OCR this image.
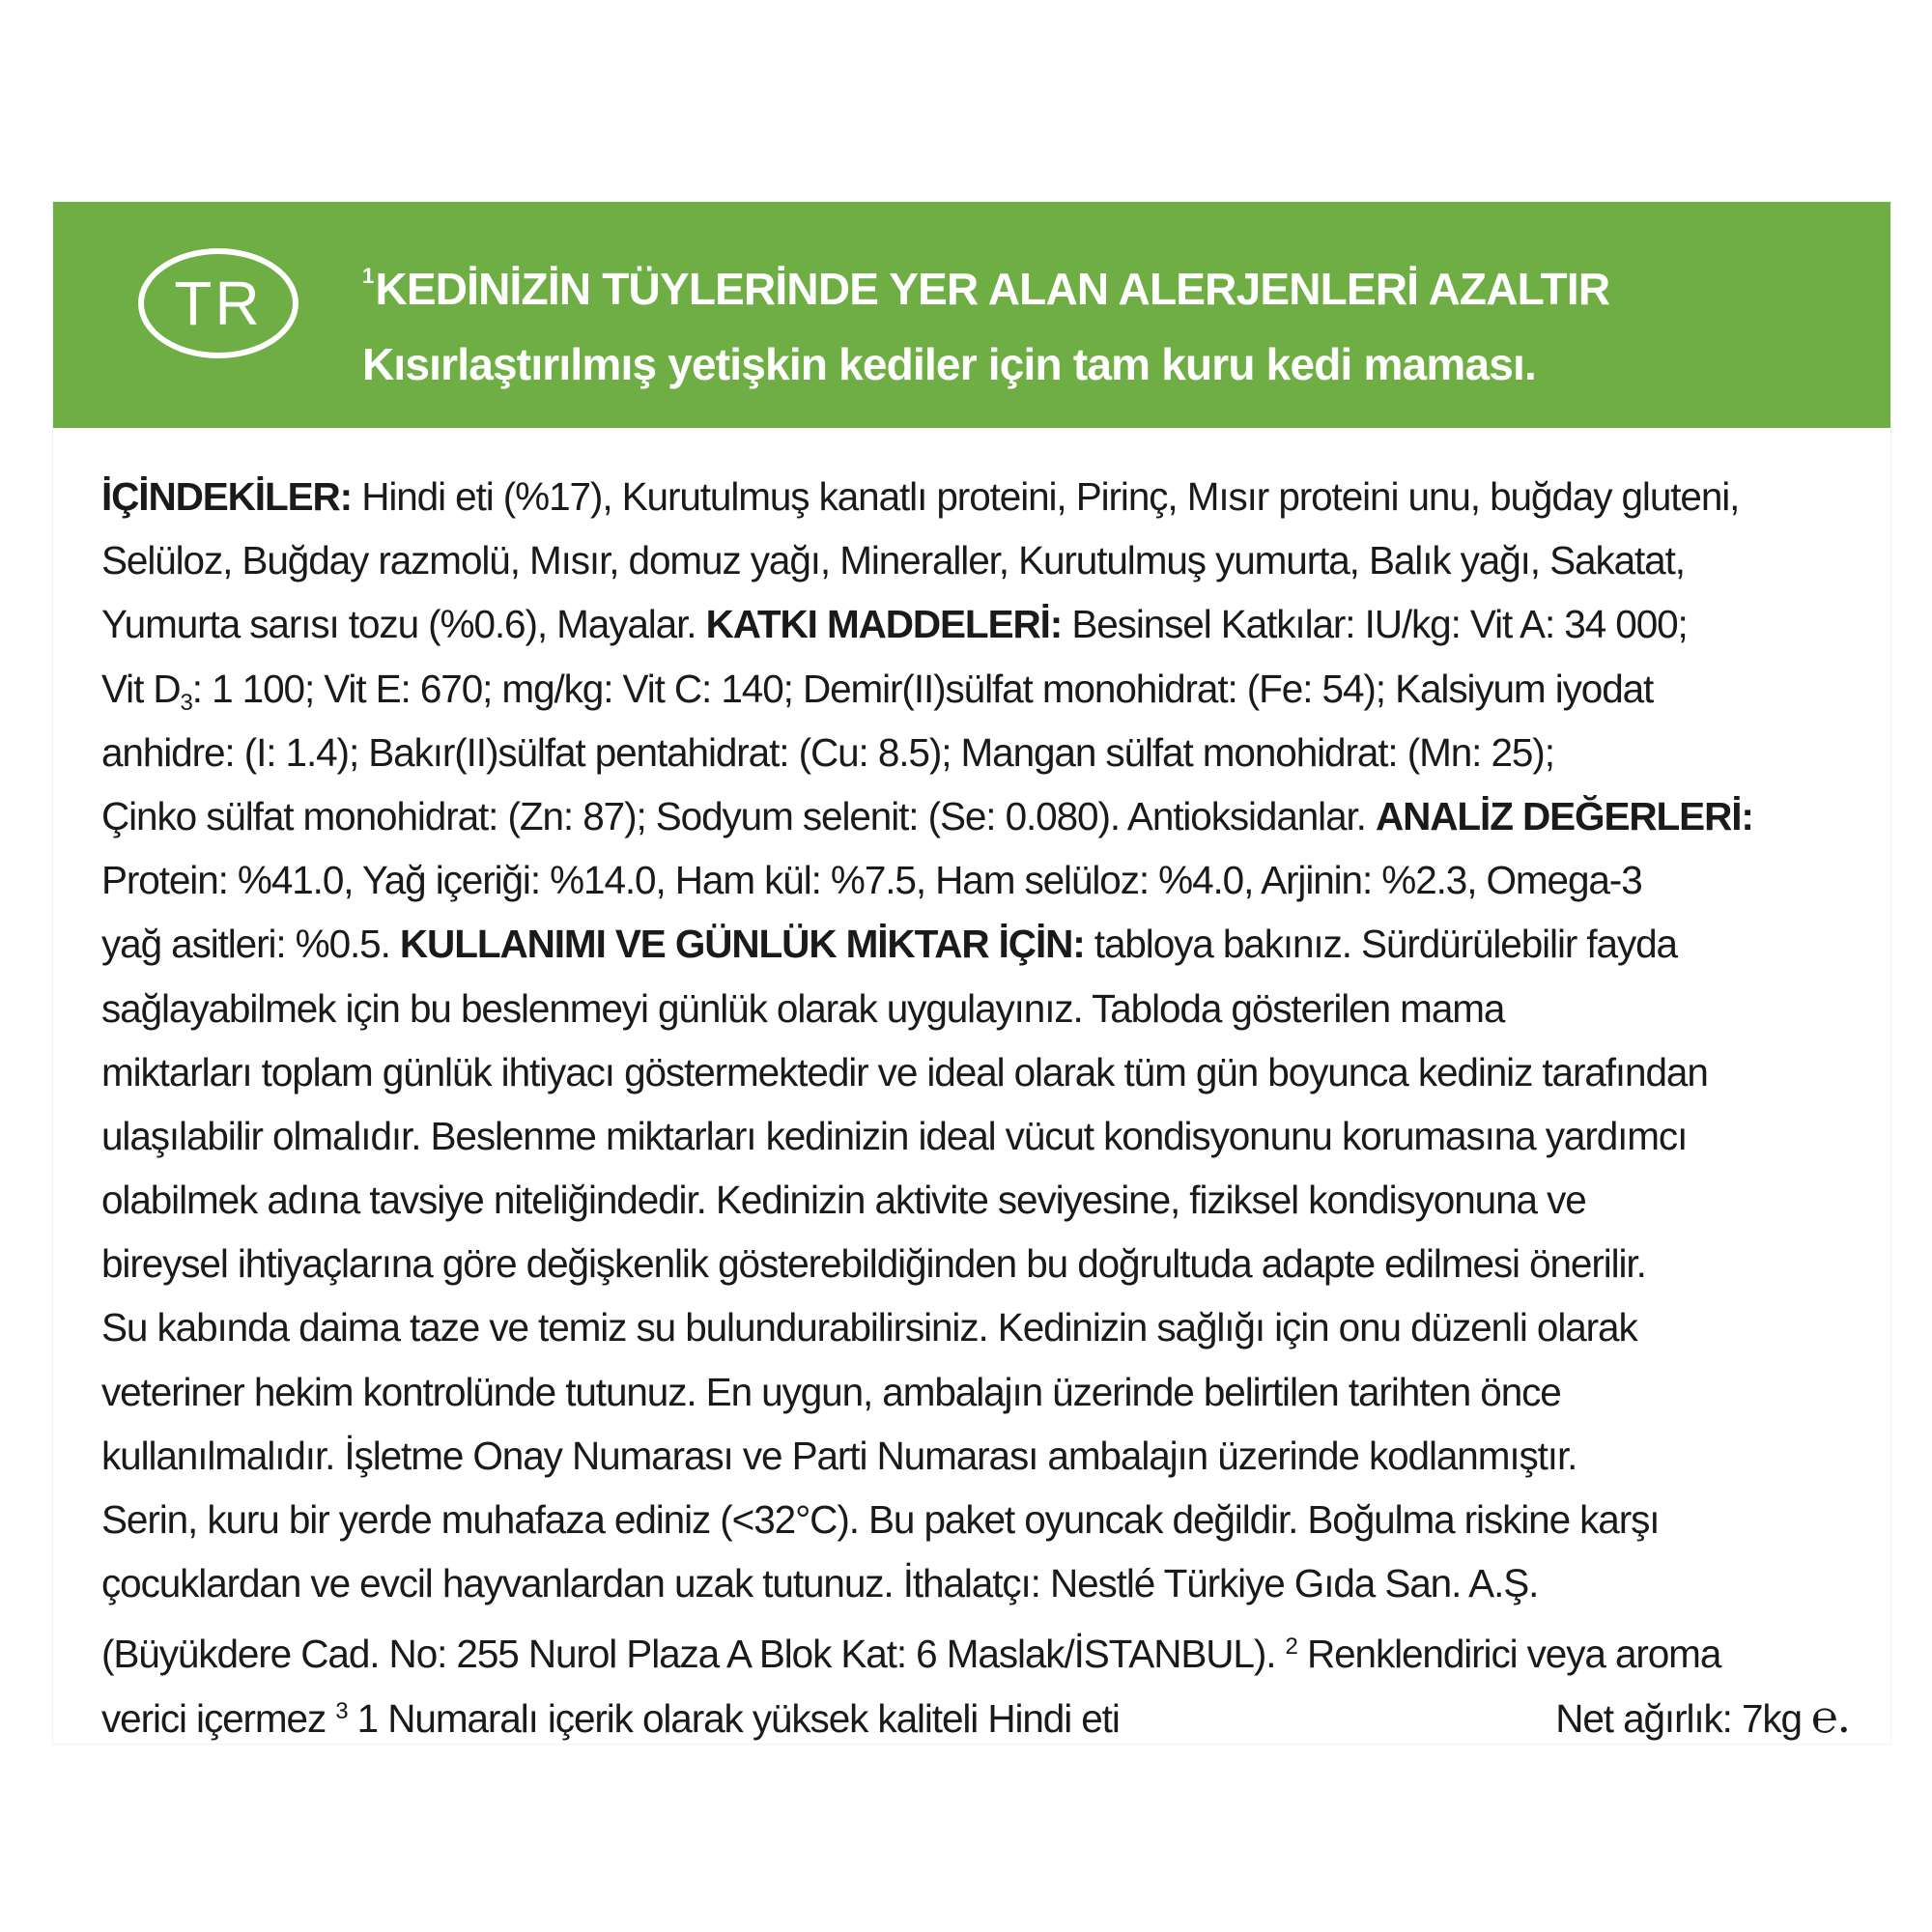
TR	$^1$KEDİNİZİN TÜYLERİNDE YER ALAN ALERJENLERİ AZALTIR
Kısırlaştırılmış yetişkin kediler için tam kuru kedi maması.
İÇİNDEKİLER: Hindi eti (%17), Kurutulmuş kanatlı proteini, Pirinç, Mısır proteini unu, buğday gluteni,
Selüloz, Buğday razmolü, Mısır, domuz yağı, Mineraller, Kurutulmuş yumurta, Balık yağı, Sakatat,
Yumurta sarısı tozu (%0.6), Mayalar. KATKI MADDELERİ: Besinsel Katkılar: IU/kg: Vit A: 34 000;
Vit $D_3$: 1 100; Vit E: 670; mg/kg: Vit C: 140; Demir(II)sülfat monohidrat: (Fe: 54); Kalsiyum iyodat
anhidre: (I: 1.4); Bakır(II)sülfat pentahidrat: (Cu: 8.5); Mangan sülfat monohidrat: (Mn: 25);
Çinko sülfat monohidrat: (Zn: 87); Sodyum selenit: (Se: 0.080). Antioksidanlar. ANALİZ DEĞERLERİ:
Protein: %41.0, Yağ içeriği: %14.0, Ham kül: %7.5, Ham selüloz: %4.0, Arjinin: %2.3, Omega-3
yağ asitleri: %0.5. KULLANIMI VE GÜNLÜK MİKTAR İÇİN: tabloya bakınız. Sürdürülebilir fayda
sağlayabilmek için bu beslenmeyi günlük olarak uygulayınız. Tabloda gösterilen mama
miktarları toplam günlük ihtiyacı göstermektedir ve ideal olarak tüm gün boyunca kediniz tarafından
ulaşılabilir olmalıdır. Beslenme miktarları kedinizin ideal vücut kondisyonunu korumasına yardımcı
olabilmek adına tavsiye niteliğindedir. Kedinizin aktivite seviyesine, fiziksel kondisyonuna ve
bireysel ihtiyaçlarına göre değişkenlik gösterebildiğinden bu doğrultuda adapte edilmesi önerilir.
Su kabında daima taze ve temiz su bulundurabilirsiniz. Kedinizin sağlığı için onu düzenli olarak
veteriner hekim kontrolünde tutunuz. En uygun, ambalajın üzerinde belirtilen tarihten önce
kullanılmalıdır. İşletme Onay Numarası ve Parti Numarası ambalajın üzerinde kodlanmıştır.
Serin, kuru bir yerde muhafaza ediniz (<32°C). Bu paket oyuncak değildir. Boğulma riskine karşı
çocuklardan ve evcil hayvanlardan uzak tutunuz. İthalatçı: Nestlé Türkiye Gıda San. A.Ş.
(Büyükdere Cad. No: 255 Nurol Plaza A Blok Kat: 6 Maslak/İSTANBUL). $^2$ Renklendirici veya aroma
verici içermez $^3$ 1 Numaralı içerik olarak yüksek kaliteli Hindi eti	Net ağırlık: 7kg ℮.
